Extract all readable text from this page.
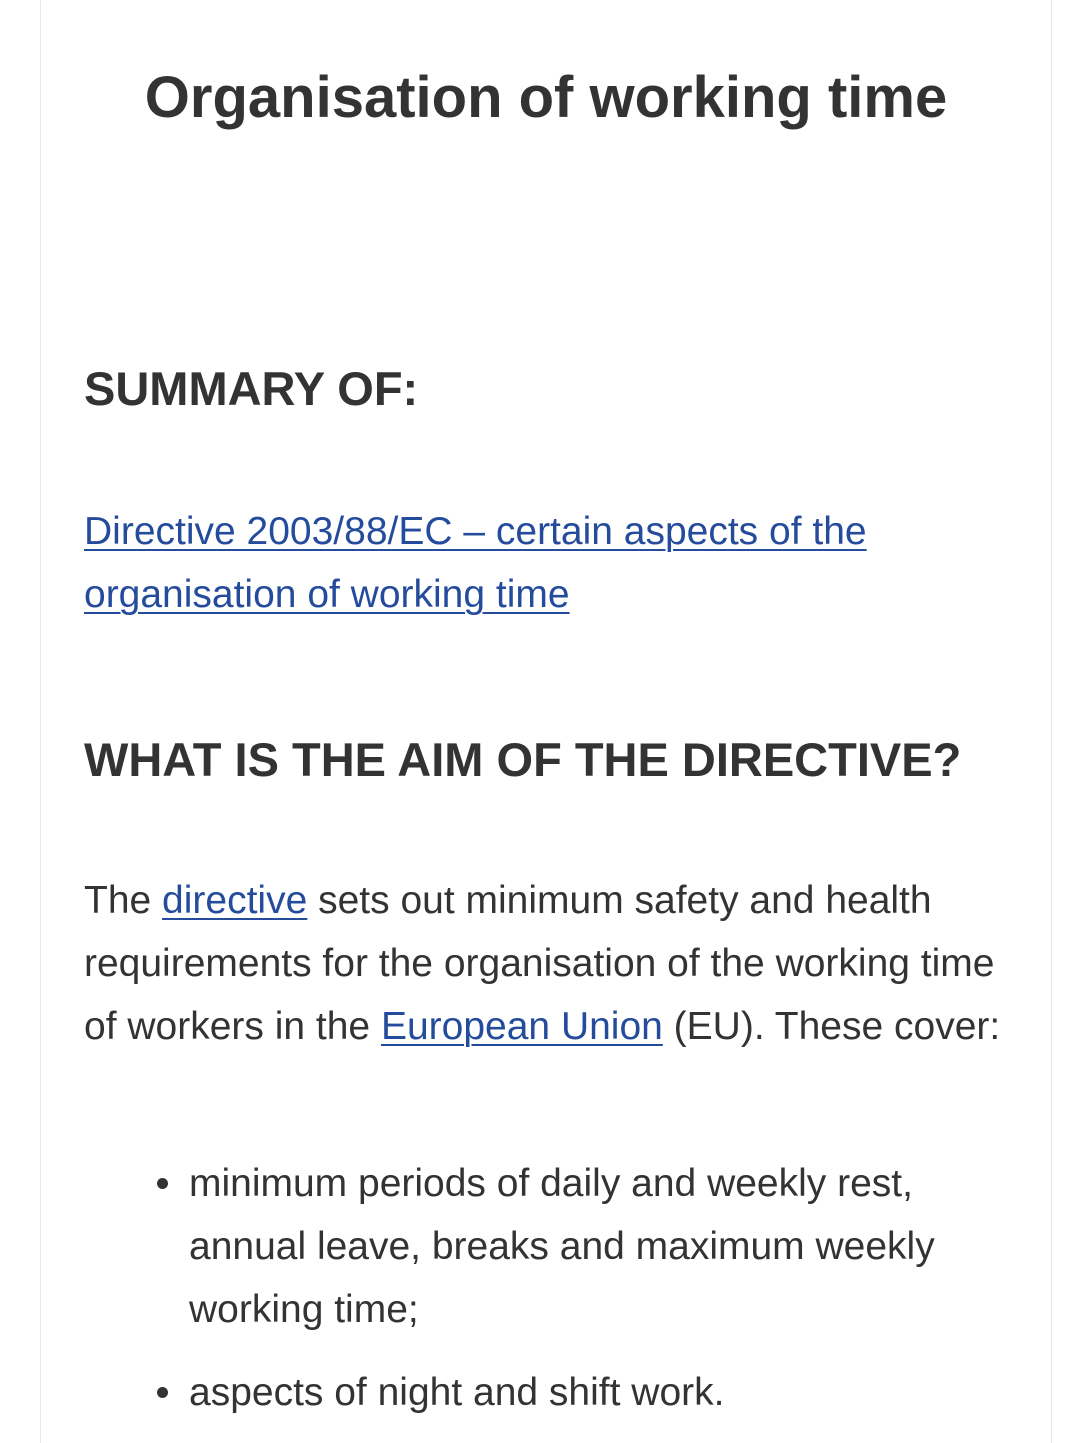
Organisation of working time
SUMMARY OF:

Directive 2003/88/EC – certain aspects of the organisation of working time

WHAT IS THE AIM OF THE DIRECTIVE?

The directive sets out minimum safety and health requirements for the organisation of the working time of workers in the European Union (EU). These cover:

minimum periods of daily and weekly rest, annual leave, breaks and maximum weekly working time;
aspects of night and shift work.
